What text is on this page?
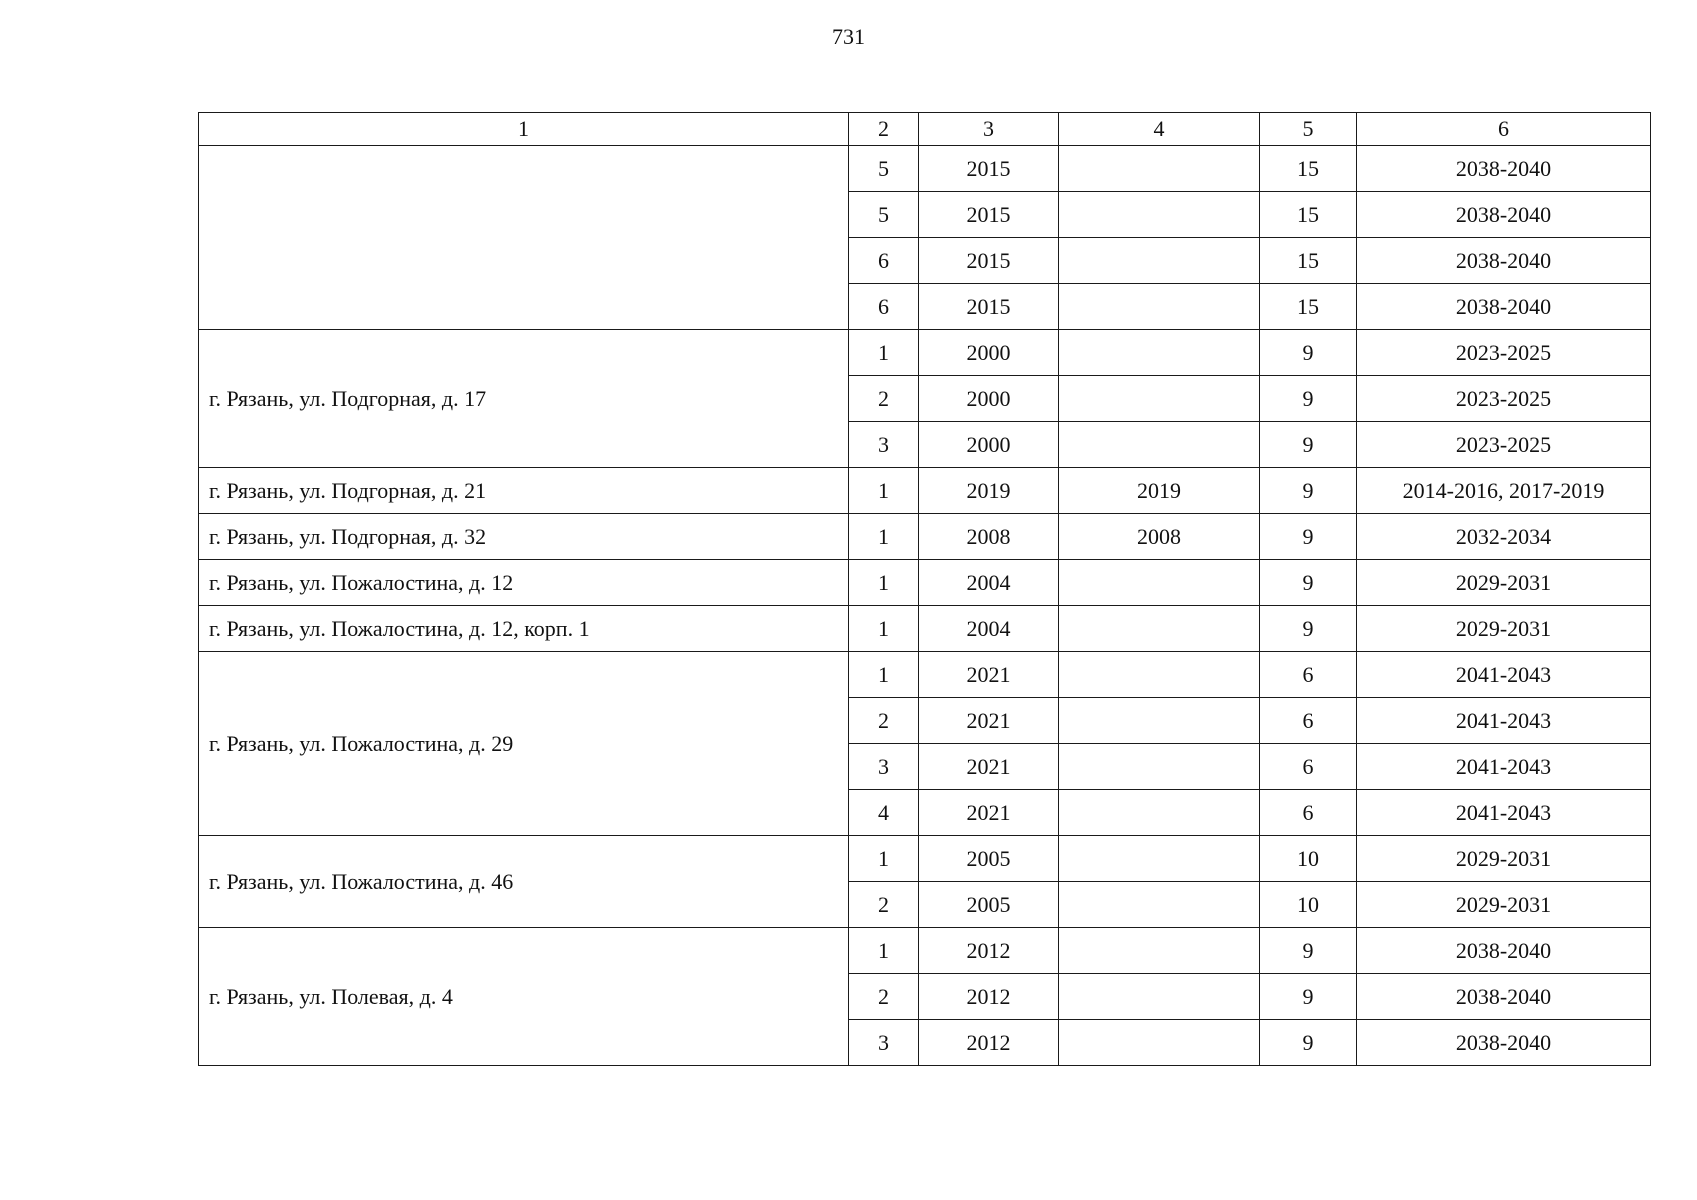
731
1	2	3	4	5	6
	5	2015		15	2038-2040
	5	2015		15	2038-2040
	6	2015		15	2038-2040
	6	2015		15	2038-2040
г. Рязань, ул. Подгорная, д. 17	1	2000		9	2023-2025
	2	2000		9	2023-2025
	3	2000		9	2023-2025
г. Рязань, ул. Подгорная, д. 21	1	2019	2019	9	2014-2016, 2017-2019
г. Рязань, ул. Подгорная, д. 32	1	2008	2008	9	2032-2034
г. Рязань, ул. Пожалостина, д. 12	1	2004		9	2029-2031
г. Рязань, ул. Пожалостина, д. 12, корп. 1	1	2004		9	2029-2031
г. Рязань, ул. Пожалостина, д. 29	1	2021		6	2041-2043
	2	2021		6	2041-2043
	3	2021		6	2041-2043
	4	2021		6	2041-2043
г. Рязань, ул. Пожалостина, д. 46	1	2005		10	2029-2031
	2	2005		10	2029-2031
г. Рязань, ул. Полевая, д. 4	1	2012		9	2038-2040
	2	2012		9	2038-2040
	3	2012		9	2038-2040
